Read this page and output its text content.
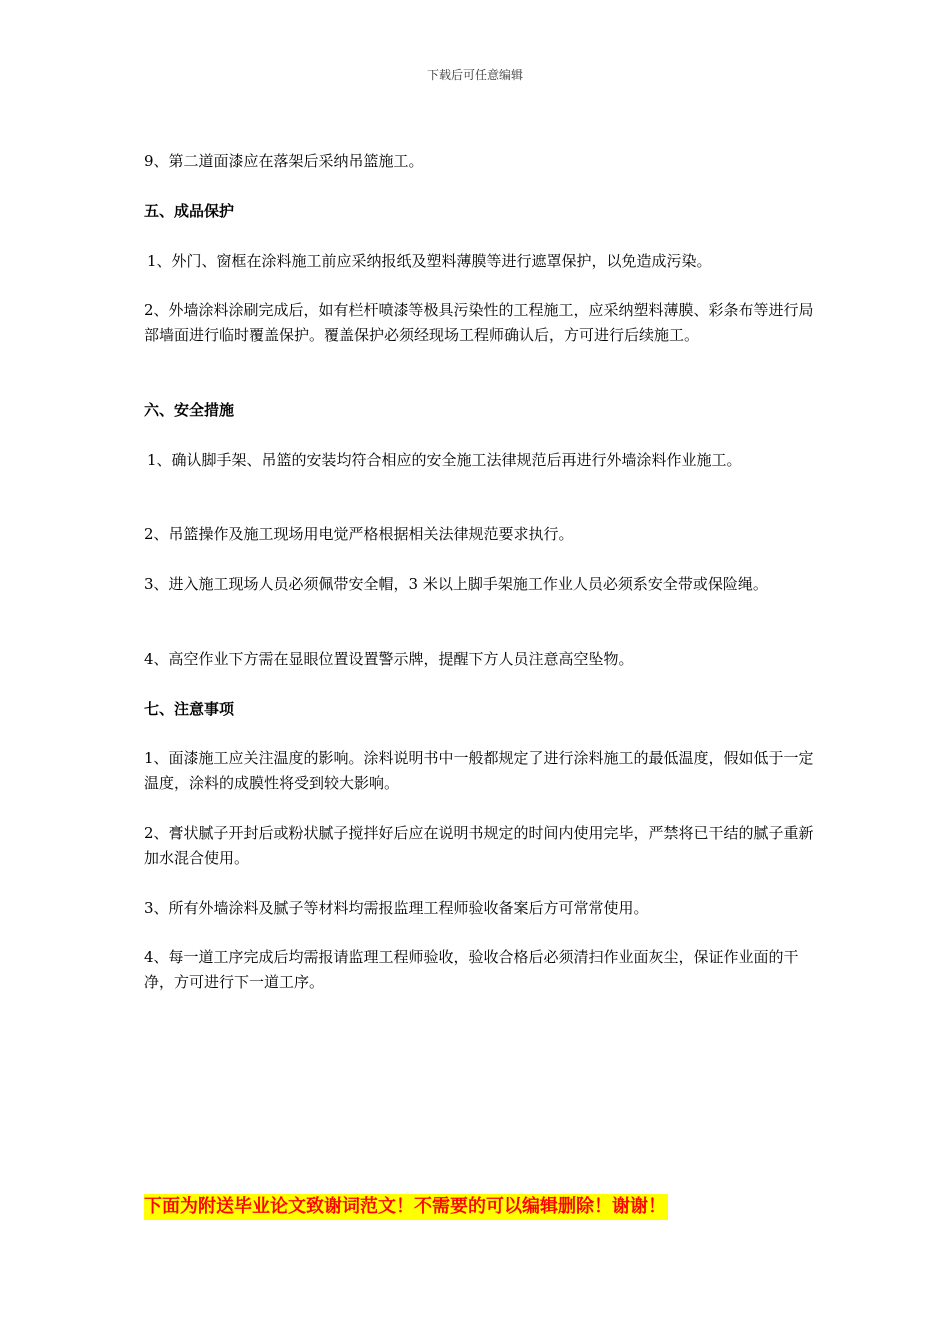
下载后可任意编辑

9、第二道面漆应在落架后采纳吊篮施工。

五、成品保护

1、外门、窗框在涂料施工前应采纳报纸及塑料薄膜等进行遮罩保护，以免造成污染。

2、外墙涂料涂刷完成后，如有栏杆喷漆等极具污染性的工程施工，应采纳塑料薄膜、彩条布等进行局部墙面进行临时覆盖保护。覆盖保护必须经现场工程师确认后，方可进行后续施工。

六、安全措施

1、确认脚手架、吊篮的安装均符合相应的安全施工法律规范后再进行外墙涂料作业施工。

2、吊篮操作及施工现场用电觉严格根据相关法律规范要求执行。

3、进入施工现场人员必须佩带安全帽，3 米以上脚手架施工作业人员必须系安全带或保险绳。

4、高空作业下方需在显眼位置设置警示牌，提醒下方人员注意高空坠物。

七、注意事项

1、面漆施工应关注温度的影响。涂料说明书中一般都规定了进行涂料施工的最低温度，假如低于一定温度，涂料的成膜性将受到较大影响。

2、膏状腻子开封后或粉状腻子搅拌好后应在说明书规定的时间内使用完毕，严禁将已干结的腻子重新加水混合使用。

3、所有外墙涂料及腻子等材料均需报监理工程师验收备案后方可常常使用。

4、每一道工序完成后均需报请监理工程师验收，验收合格后必须清扫作业面灰尘，保证作业面的干净，方可进行下一道工序。

下面为附送毕业论文致谢词范文！不需要的可以编辑删除！谢谢！
